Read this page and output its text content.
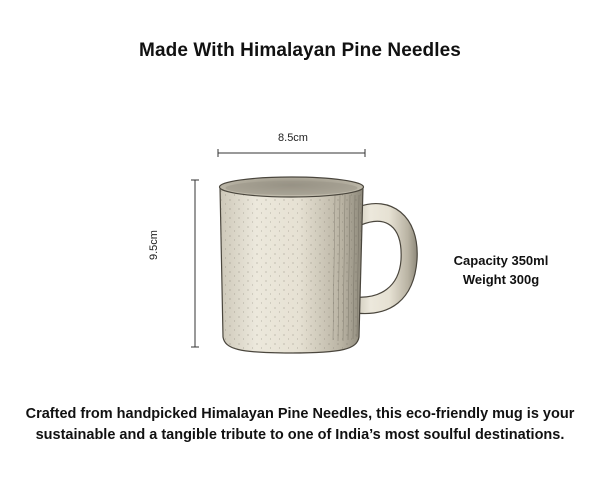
Made With Himalayan Pine Needles
8.5cm
9.5cm
Capacity 350ml
Weight 300g
Crafted from handpicked Himalayan Pine Needles, this eco-friendly mug is your
sustainable and a tangible tribute to one of India’s most soulful destinations.
